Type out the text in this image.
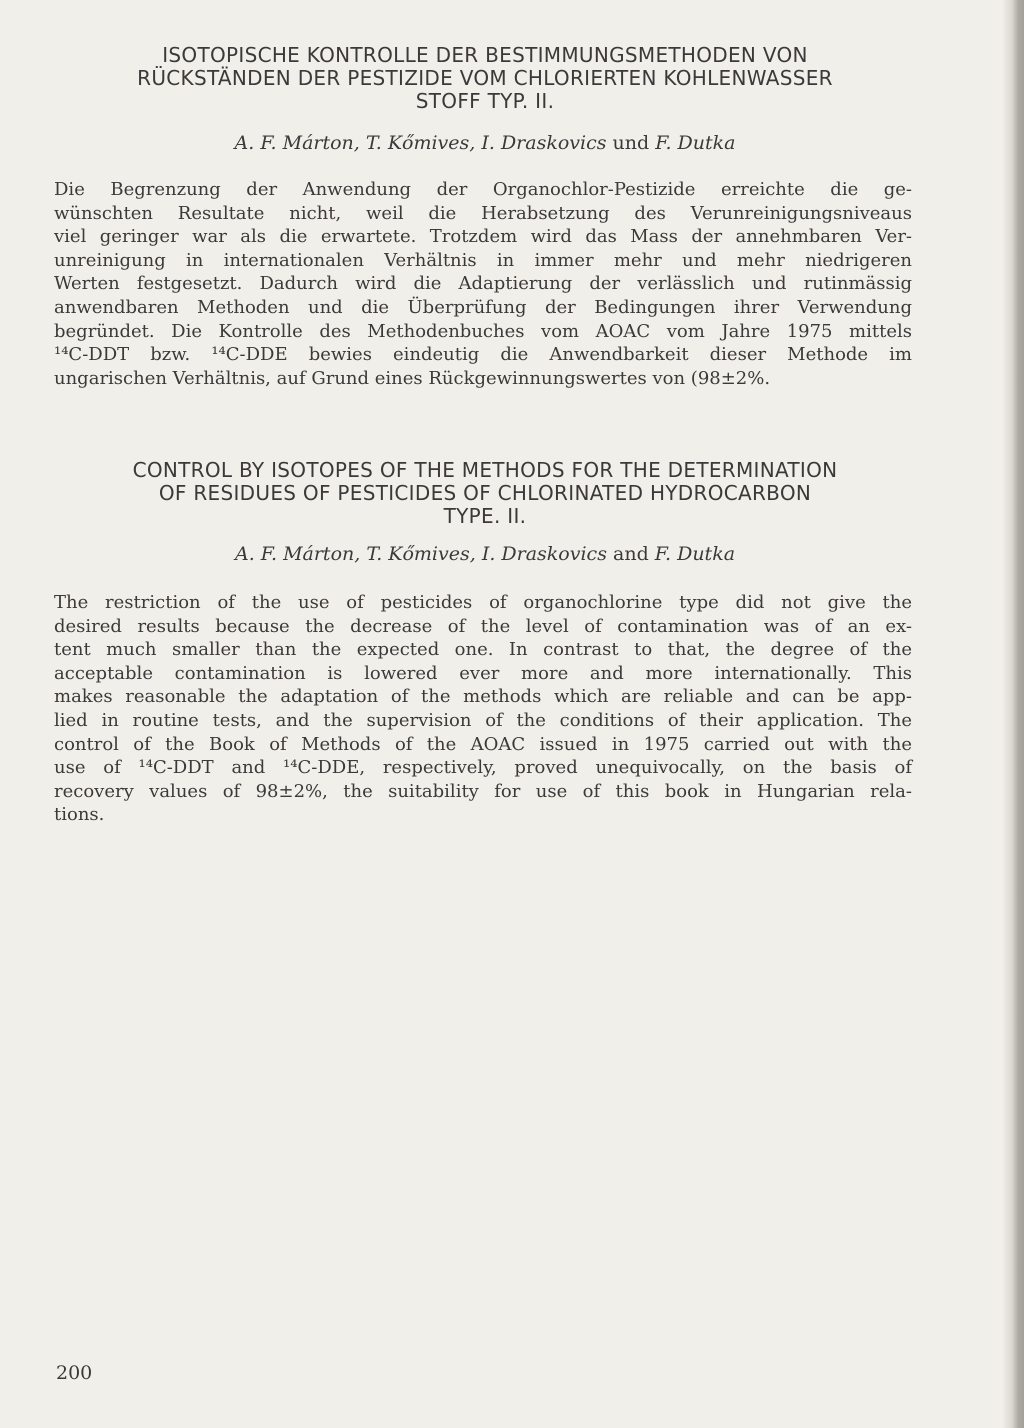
ISOTOPISCHE KONTROLLE DER BESTIMMUNGSMETHODEN VON
RÜCKSTÄNDEN DER PESTIZIDE VOM CHLORIERTEN KOHLENWASSER
STOFF TYP. II.
A. F. Márton, T. Kőmives, I. Draskovics und F. Dutka

Die Begrenzung der Anwendung der Organochlor-Pestizide erreichte die ge-
wünschten Resultate nicht, weil die Herabsetzung des Verunreinigungsniveaus
viel geringer war als die erwartete. Trotzdem wird das Mass der annehmbaren Ver-
unreinigung in internationalen Verhältnis in immer mehr und mehr niedrigeren
Werten festgesetzt. Dadurch wird die Adaptierung der verlässlich und rutinmässig
anwendbaren Methoden und die Überprüfung der Bedingungen ihrer Verwendung
begründet. Die Kontrolle des Methodenbuches vom AOAC vom Jahre 1975 mittels
¹⁴C-DDT bzw. ¹⁴C-DDE bewies eindeutig die Anwendbarkeit dieser Methode im
ungarischen Verhältnis, auf Grund eines Rückgewinnungswertes von (98±2%.

CONTROL BY ISOTOPES OF THE METHODS FOR THE DETERMINATION
OF RESIDUES OF PESTICIDES OF CHLORINATED HYDROCARBON
TYPE. II.
A. F. Márton, T. Kőmives, I. Draskovics and F. Dutka

The restriction of the use of pesticides of organochlorine type did not give the
desired results because the decrease of the level of contamination was of an ex-
tent much smaller than the expected one. In contrast to that, the degree of the
acceptable contamination is lowered ever more and more internationally. This
makes reasonable the adaptation of the methods which are reliable and can be app-
lied in routine tests, and the supervision of the conditions of their application. The
control of the Book of Methods of the AOAC issued in 1975 carried out with the
use of ¹⁴C-DDT and ¹⁴C-DDE, respectively, proved unequivocally, on the basis of
recovery values of 98±2%, the suitability for use of this book in Hungarian rela-
tions.

200
